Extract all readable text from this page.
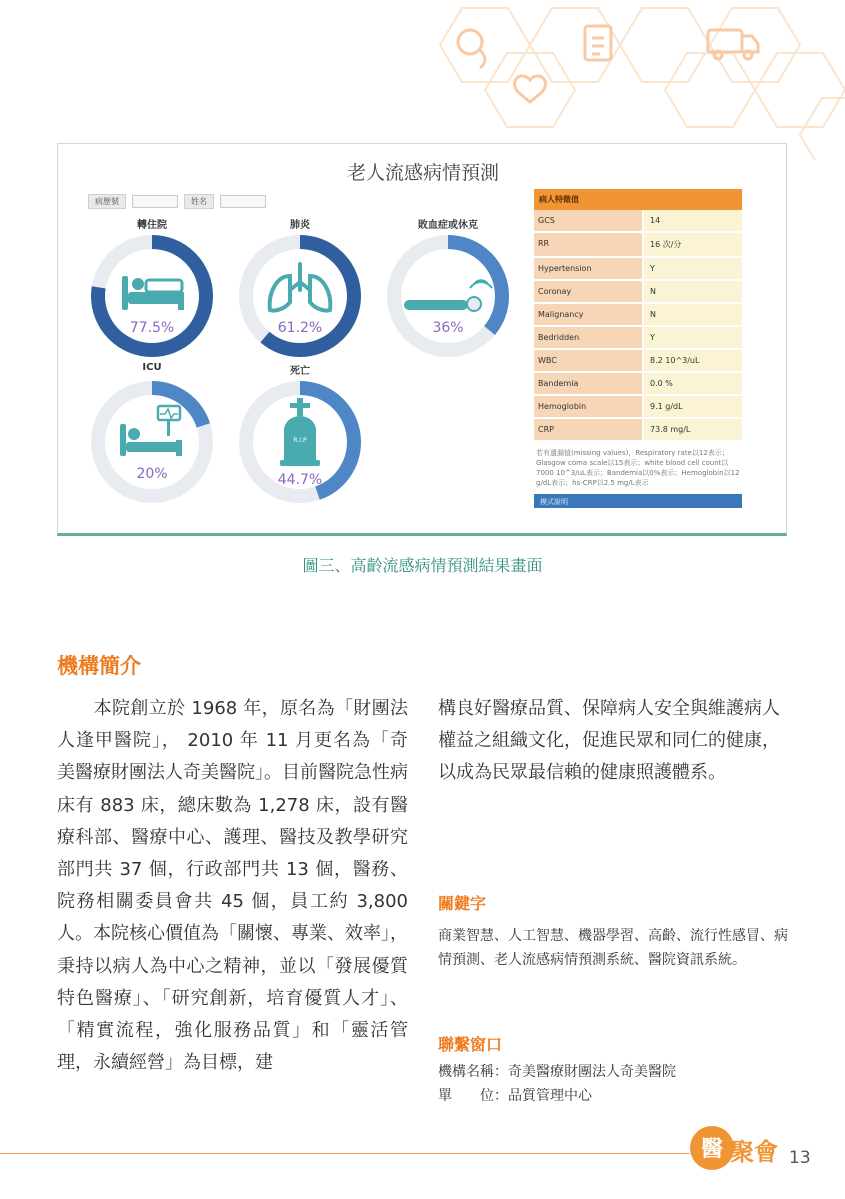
老人流感病情預測
病歷號	姓名
轉住院
77.5%
肺炎
61.2%
敗血症或休克
36%
ICU
20%
死亡
R.I.P
44.7%
病人特徵值
GCS	14
RR	16 次/分
Hypertension	Y
Coronay	N
Malignancy	N
Bedridden	Y
WBC	8.2 10^3/uL
Bandemia	0.0 %
Hemoglobin	9.1 g/dL
CRP	73.8 mg/L
若有遺漏值(missing values)，Respiratory rate以12表示；Glasgow coma scale以15表示；white blood cell count以7000 10^3/uL表示；Bandemia以0%表示；Hemoglobin以12 g/dL表示；hs-CRP以2.5 mg/L表示
模式說明
圖三、高齡流感病情預測結果畫面
機構簡介

　　本院創立於 1968 年，原名為「財團法人逢甲醫院」， 2010 年 11 月更名為「奇美醫療財團法人奇美醫院」。目前醫院急性病床有 883 床，總床數為 1,278 床，設有醫療科部、醫療中心、護理、醫技及教學研究部門共 37 個，行政部門共 13 個，醫務、院務相關委員會共 45 個，員工約 3,800 人。本院核心價值為「關懷、專業、效率」，秉持以病人為中心之精神，並以「發展優質特色醫療」、「研究創新，培育優質人才」、「精實流程，強化服務品質」和「靈活管理，永續經營」為目標，建

構良好醫療品質、保障病人安全與維護病人權益之組織文化，促進民眾和同仁的健康，以成為民眾最信賴的健康照護體系。

關鍵字

商業智慧、人工智慧、機器學習、高齡、流行性感冒、病情預測、老人流感病情預測系統、醫院資訊系統。

聯繫窗口
機構名稱：奇美醫療財團法人奇美醫院
單　　位：品質管理中心
醫 聚會 13
